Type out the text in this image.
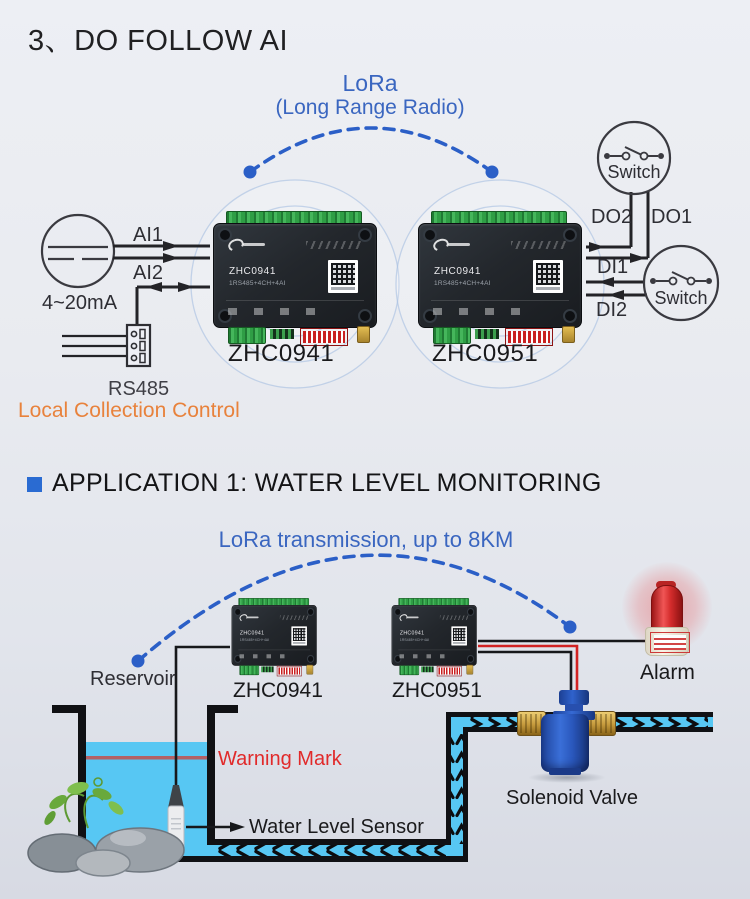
3、DO FOLLOW AI
LoRa
(Long Range Radio)
ZHC0941
1RS485+4CH+4AI
ZHC0941
1RS485+4CH+4AI
AI1
AI2
4~20mA
RS485
Local Collection Control
ZHC0941	ZHC0951
Switch
Switch
DO2 DO1
DI1
DI2
APPLICATION 1: WATER LEVEL MONITORING
LoRa transmission, up to 8KM
ZHC0941
1RS485+4CH+4AI
ZHC0941
1RS485+4CH+4AI
Reservoir	ZHC0941	ZHC0951
Warning Mark
Water Level Sensor
Solenoid Valve
Alarm
